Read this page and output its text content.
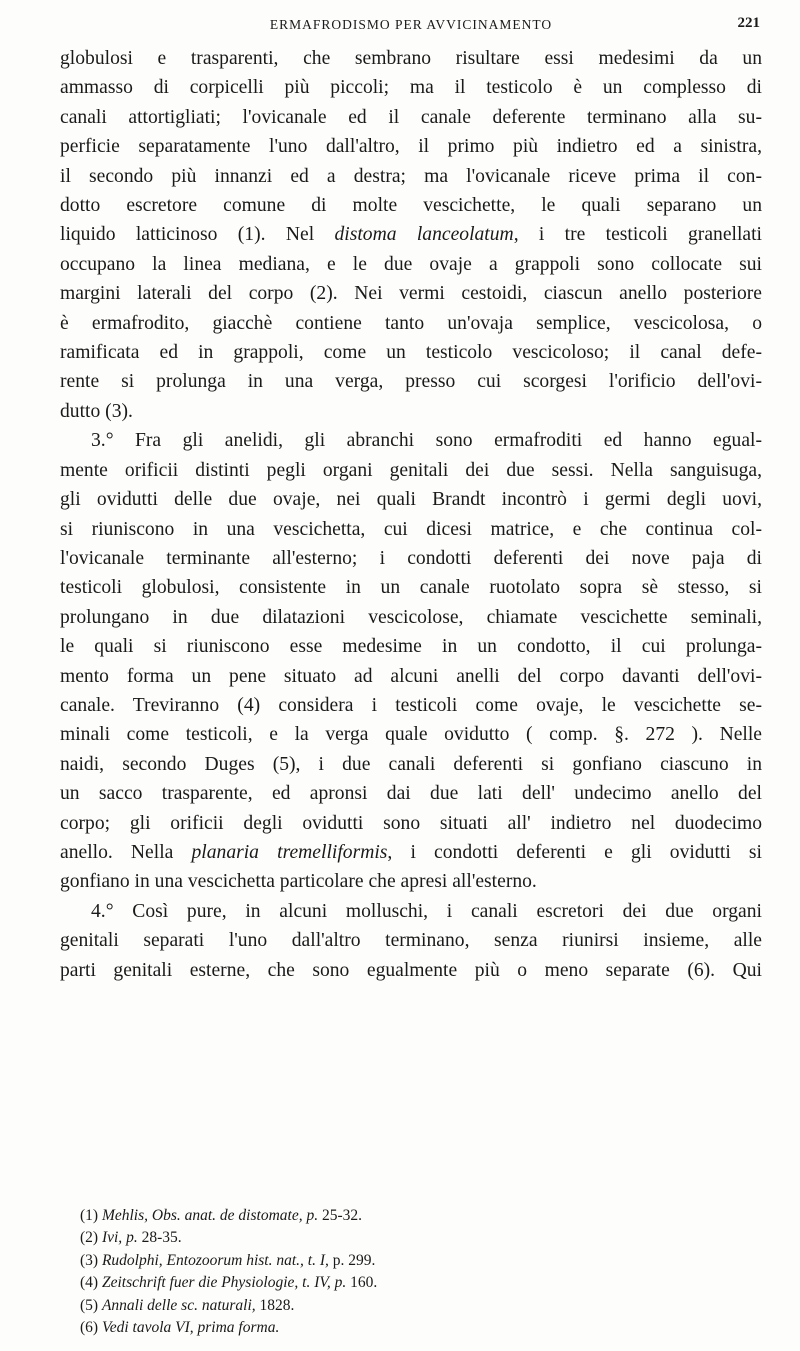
ERMAFRODISMO PER AVVICINAMENTO	221
globulosi e trasparenti, che sembrano risultare essi medesimi da un
ammasso di corpicelli più piccoli; ma il testicolo è un complesso di
canali attortigliati; l'ovicanale ed il canale deferente terminano alla su-
perficie separatamente l'uno dall'altro, il primo più indietro ed a sinistra,
il secondo più innanzi ed a destra; ma l'ovicanale riceve prima il con-
dotto escretore comune di molte vescichette, le quali separano un
liquido latticinoso (1). Nel distoma lanceolatum, i tre testicoli granellati
occupano la linea mediana, e le due ovaje a grappoli sono collocate sui
margini laterali del corpo (2). Nei vermi cestoidi, ciascun anello posteriore
è ermafrodito, giacchè contiene tanto un'ovaja semplice, vescicolosa, o
ramificata ed in grappoli, come un testicolo vescicoloso; il canal defe-
rente si prolunga in una verga, presso cui scorgesi l'orificio dell'ovi-
dutto (3).
3.° Fra gli anelidi, gli abranchi sono ermafroditi ed hanno egual-
mente orificii distinti pegli organi genitali dei due sessi. Nella sanguisuga,
gli ovidutti delle due ovaje, nei quali Brandt incontrò i germi degli uovi,
si riuniscono in una vescichetta, cui dicesi matrice, e che continua col-
l'ovicanale terminante all'esterno; i condotti deferenti dei nove paja di
testicoli globulosi, consistente in un canale ruotolato sopra sè stesso, si
prolungano in due dilatazioni vescicolose, chiamate vescichette seminali,
le quali si riuniscono esse medesime in un condotto, il cui prolunga-
mento forma un pene situato ad alcuni anelli del corpo davanti dell'ovi-
canale. Treviranno (4) considera i testicoli come ovaje, le vescichette se-
minali come testicoli, e la verga quale ovidutto ( comp. §. 272 ). Nelle
naidi, secondo Duges (5), i due canali deferenti si gonfiano ciascuno in
un sacco trasparente, ed apronsi dai due lati dell' undecimo anello del
corpo; gli orificii degli ovidutti sono situati all' indietro nel duodecimo
anello. Nella planaria tremelliformis, i condotti deferenti e gli ovidutti si
gonfiano in una vescichetta particolare che apresi all'esterno.
4.° Così pure, in alcuni molluschi, i canali escretori dei due organi
genitali separati l'uno dall'altro terminano, senza riunirsi insieme, alle
parti genitali esterne, che sono egualmente più o meno separate (6). Qui
(1) Mehlis, Obs. anat. de distomate, p. 25-32.
(2) Ivi, p. 28-35.
(3) Rudolphi, Entozoorum hist. nat., t. I, p. 299.
(4) Zeitschrift fuer die Physiologie, t. IV, p. 160.
(5) Annali delle sc. naturali, 1828.
(6) Vedi tavola VI, prima forma.
